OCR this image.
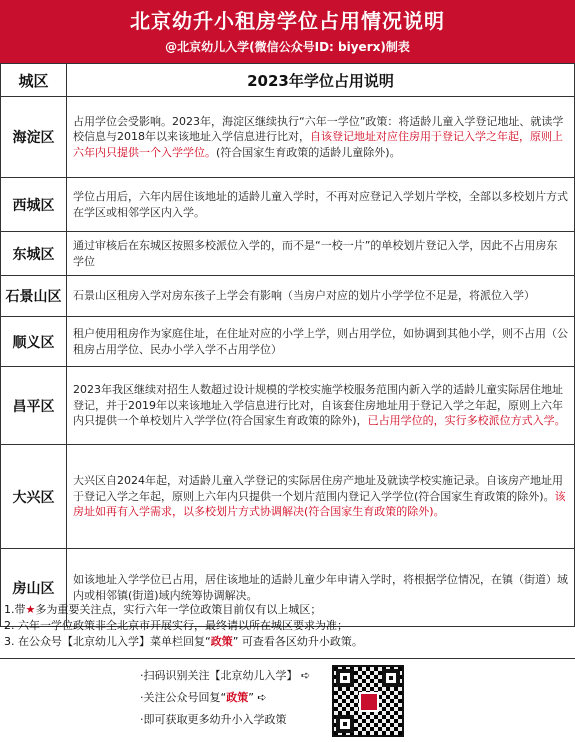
北京幼升小租房学位占用情况说明
@北京幼儿入学(微信公众号ID: biyerx)制表
城区	2023年学位占用说明
海淀区	占用学位会受影响。2023年，海淀区继续执行“六年一学位”政策：将适龄儿童入学登记地址、就读学校信息与2018年以来该地址入学信息进行比对，自该登记地址对应住房用于登记入学之年起，原则上六年内只提供一个入学学位。(符合国家生育政策的适龄儿童除外)。
西城区	学位占用后，六年内居住该地址的适龄儿童入学时，不再对应登记入学划片学校，全部以多校划片方式在学区或相邻学区内入学。
东城区	通过审核后在东城区按照多校派位入学的，而不是“一校一片”的单校划片登记入学，因此不占用房东学位
石景山区	石景山区租房入学对房东孩子上学会有影响（当房户对应的划片小学学位不足是，将派位入学）
顺义区	租户使用租房作为家庭住址，在住址对应的小学上学，则占用学位，如协调到其他小学，则不占用（公租房占用学位、民办小学入学不占用学位）
昌平区	2023年我区继续对招生人数超过设计规模的学校实施学校服务范围内新入学的适龄儿童实际居住地址登记，并于2019年以来该地址入学信息进行比对，自该套住房地址用于登记入学之年起，原则上六年内只提供一个单校划片入学学位(符合国家生育政策的除外)，已占用学位的，实行多校派位方式入学。
大兴区	大兴区自2024年起，对适龄儿童入学登记的实际居住房产地址及就读学校实施记录。自该房产地址用于登记入学之年起，原则上六年内只提供一个划片范围内登记入学学位(符合国家生育政策的除外)。该房址如再有入学需求，以多校划片方式协调解决(符合国家生育政策的除外)。
房山区	如该地址入学学位已占用，居住该地址的适龄儿童少年申请入学时，将根据学位情况，在镇（街道）域内或相邻镇(街道)域内统筹协调解决。
1.带★多为重要关注点，实行六年一学位政策目前仅有以上城区；
2. 六年一学位政策非全北京市开展实行，最终请以所在城区要求为准；
3. 在公众号【北京幼儿入学】菜单栏回复“政策” 可查看各区幼升小政策。
·扫码识别关注【北京幼儿入学】 ➪
·关注公众号回复“政策” ➪
·即可获取更多幼升小入学政策
